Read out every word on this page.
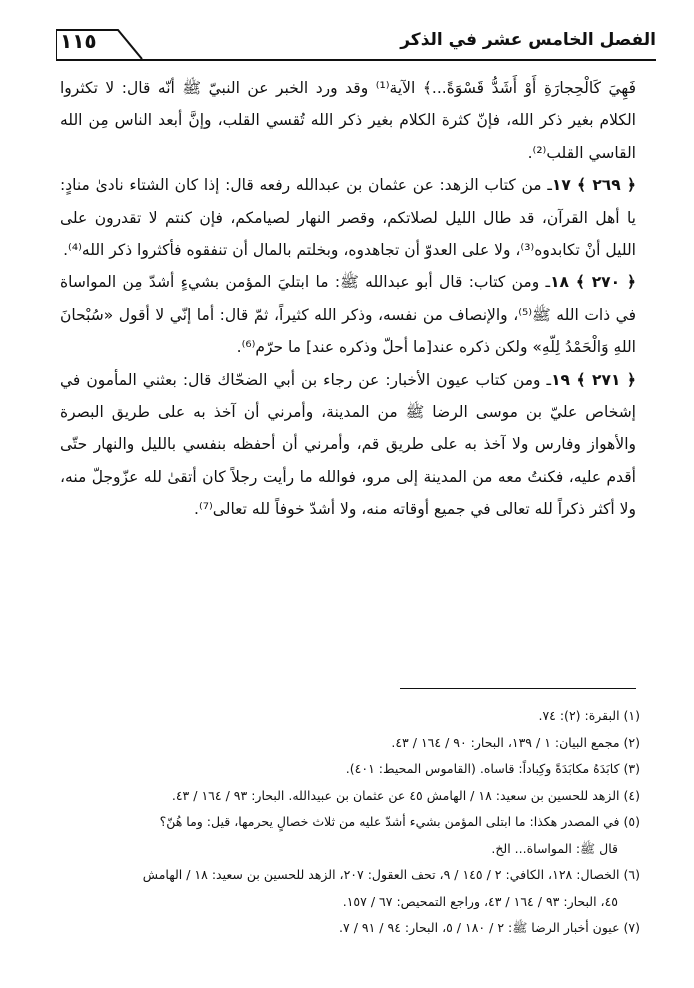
١١٥	الفصل الخامس عشر في الذكر

فَهِيَ كَالْحِجارَةِ أَوْ أَشَدُّ قَسْوَةً...﴾ الآية⁽¹⁾ وقد ورد الخبر عن النبيّ ﷺ أنّه قال: لا تكثروا الكلام بغير ذكر الله، فإنّ كثرة الكلام بغير ذكر الله تُقسي القلب، وإنَّ أبعد الناس مِن الله القاسي القلب⁽²⁾.

﴿ ٢٦٩ ﴾ ١٧ـ من كتاب الزهد: عن عثمان بن عبدالله رفعه قال: إذا كان الشتاء نادىٰ منادٍ: يا أهل القرآن، قد طال الليل لصلاتكم، وقصر النهار لصيامكم، فإن كنتم لا تقدرون على الليل أنْ تكابدوه⁽³⁾، ولا على العدوّ أن تجاهدوه، وبخلتم بالمال أن تنفقوه فأكثروا ذكر الله⁽⁴⁾.

﴿ ٢٧٠ ﴾ ١٨ـ ومن كتاب: قال أبو عبدالله ﷺ: ما ابتليَ المؤمن بشيءٍ أشدّ مِن المواساة في ذات الله ﷺ⁽⁵⁾، والإنصاف من نفسه، وذكر الله كثيراً، ثمّ قال: أما إنّي لا أقول «سُبْحانَ اللهِ وَالْحَمْدُ لِلّهِ» ولكن ذكره عند[ما أحلّ وذكره عند] ما حرّم⁽⁶⁾.

﴿ ٢٧١ ﴾ ١٩ـ ومن كتاب عيون الأخبار: عن رجاء بن أبي الضحّاك قال: بعثني المأمون في إشخاص عليّ بن موسى الرضا ﷺ من المدينة، وأمرني أن آخذ به على طريق البصرة والأهواز وفارس ولا آخذ به على طريق قم، وأمرني أن أحفظه بنفسي بالليل والنهار حتّى أقدم عليه، فكنتُ معه من المدينة إلى مرو، فوالله ما رأيت رجلاً كان أتقىٰ لله عزّوجلّ منه، ولا أكثر ذكراً لله تعالى في جميع أوقاته منه، ولا أشدّ خوفاً لله تعالى⁽⁷⁾.

(١) البقرة: (٢): ٧٤.

(٢) مجمع البيان: ١ / ١٣٩، البحار: ٩٠ / ١٦٤ / ٤٣.

(٣) كابَدَهُ مكابَدَةً وكِباداً: قاساه. (القاموس المحيط: ٤٠١).

(٤) الزهد للحسين بن سعيد: ١٨ / الهامش ٤٥ عن عثمان بن عبيدالله. البحار: ٩٣ / ١٦٤ / ٤٣.

(٥) في المصدر هكذا: ما ابتلى المؤمن بشيء أشدّ عليه من ثلاث خصالٍ يحرمها، قيل: وما هُنّ؟

قال ﷺ: المواساة... الخ.

(٦) الخصال: ١٢٨، الكافي: ٢ / ١٤٥ / ٩، تحف العقول: ٢٠٧، الزهد للحسين بن سعيد: ١٨ / الهامش

٤٥، البحار: ٩٣ / ١٦٤ / ٤٣، وراجع التمحيص: ٦٧ / ١٥٧.

(٧) عيون أخبار الرضا ﷺ: ٢ / ١٨٠ / ٥، البحار: ٩٤ / ٩١ / ٧.
